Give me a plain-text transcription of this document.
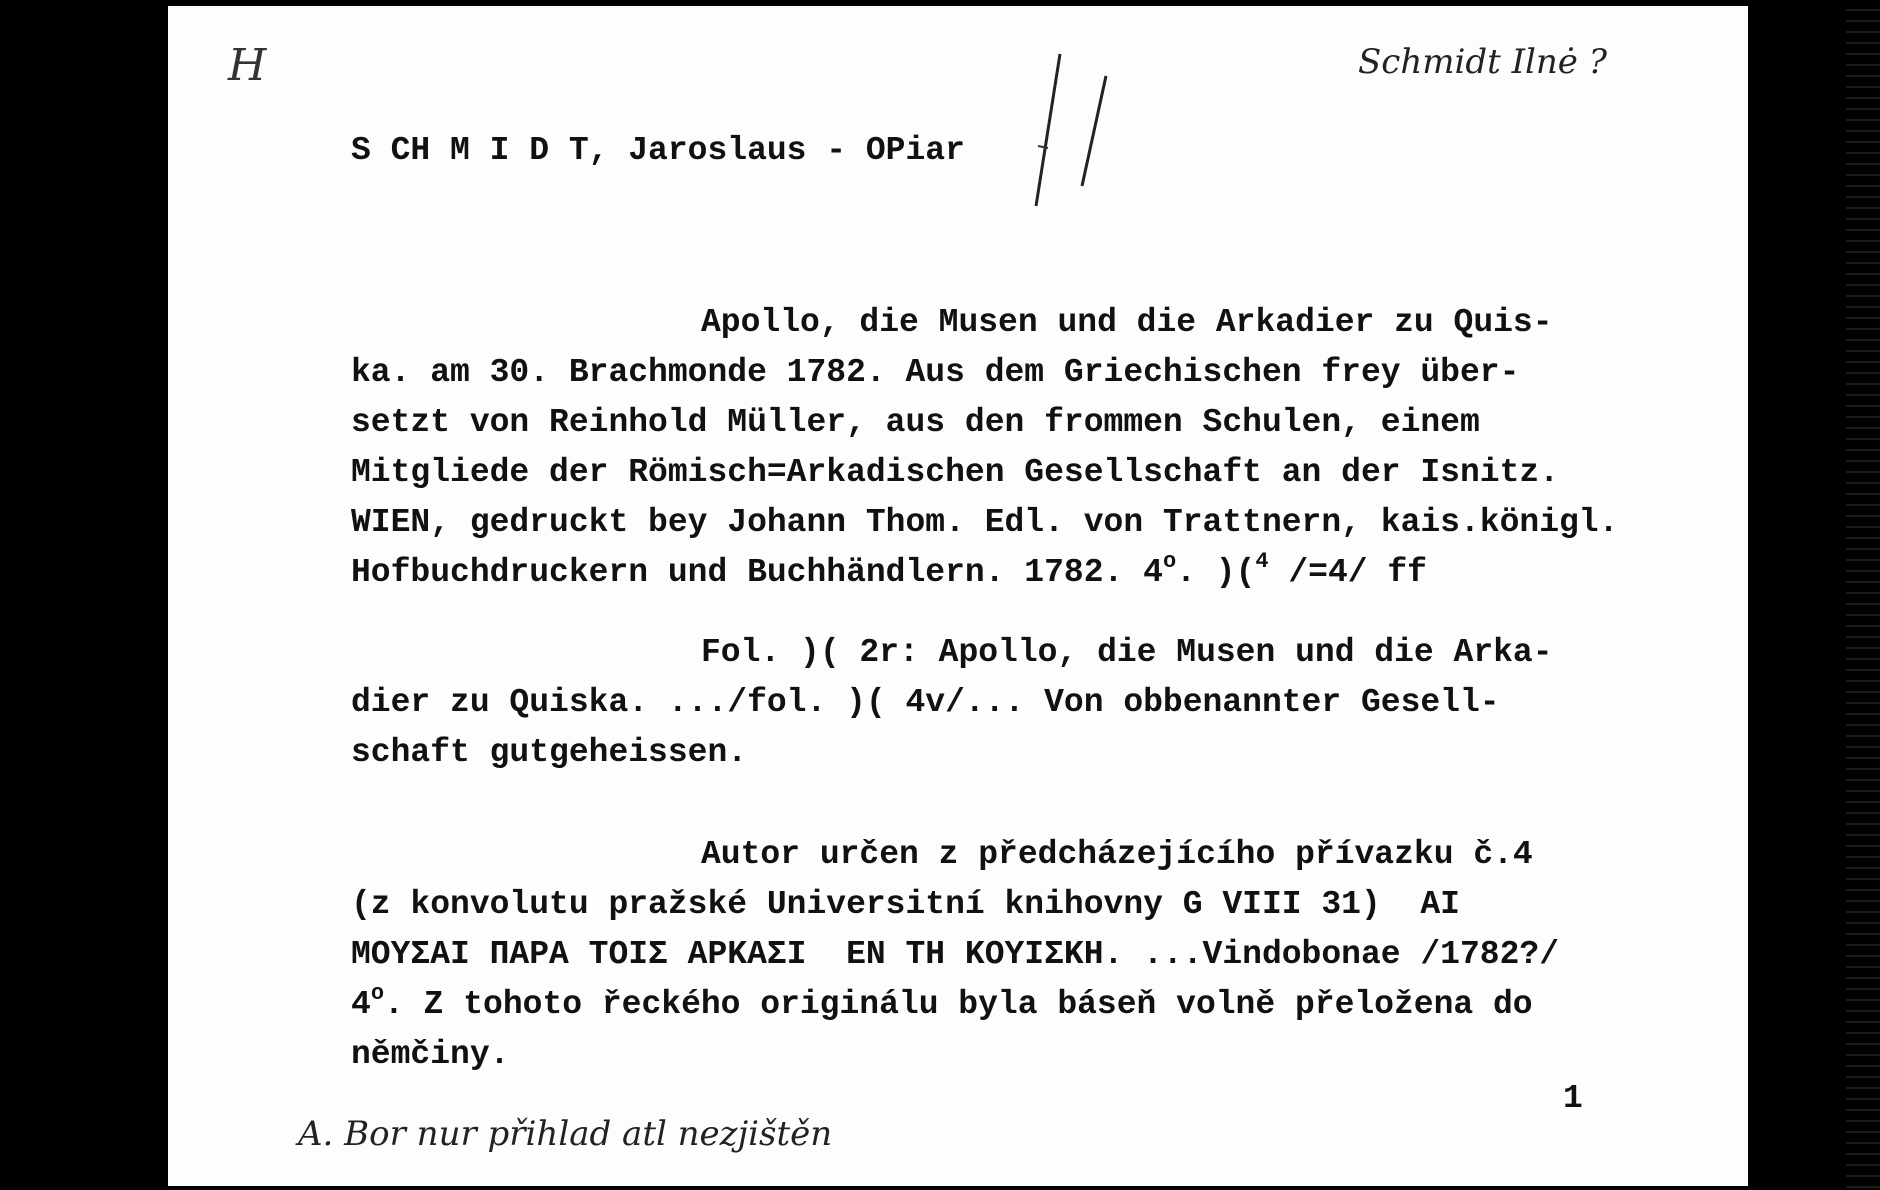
H	Schmidt Ilnė ?
S CH M I D T, Jaroslaus - OPiar
Apollo, die Musen und die Arkadier zu Quis-
ka. am 30. Brachmonde 1782. Aus dem Griechischen frey über-
setzt von Reinhold Müller, aus den frommen Schulen, einem
Mitgliede der Römisch=Arkadischen Gesellschaft an der Isnitz.
WIEN, gedruckt bey Johann Thom. Edl. von Trattnern, kais.königl.
Hofbuchdruckern und Buchhändlern. 1782. 4$^o$. )($^4$ /=4/ ff
Fol. )( 2r: Apollo, die Musen und die Arka-
dier zu Quiska. .../fol. )( 4v/... Von obbenannter Gesell-
schaft gutgeheissen.
Autor určen z předcházejícího přívazku č.4
(z konvolutu pražské Universitní knihovny G VIII 31)  AI
ΜΟΥΣΑΙ ΠΑΡΑ ΤΟΙΣ ΑΡΚΑΣΙ  EN TH ΚΟΥΙΣΚΗ. ...Vindobonae /1782?/
4$^o$. Z tohoto řeckého originálu byla báseň volně přeložena do
němčiny.
1
A. Bor nur přihlad atl nezjištěn
